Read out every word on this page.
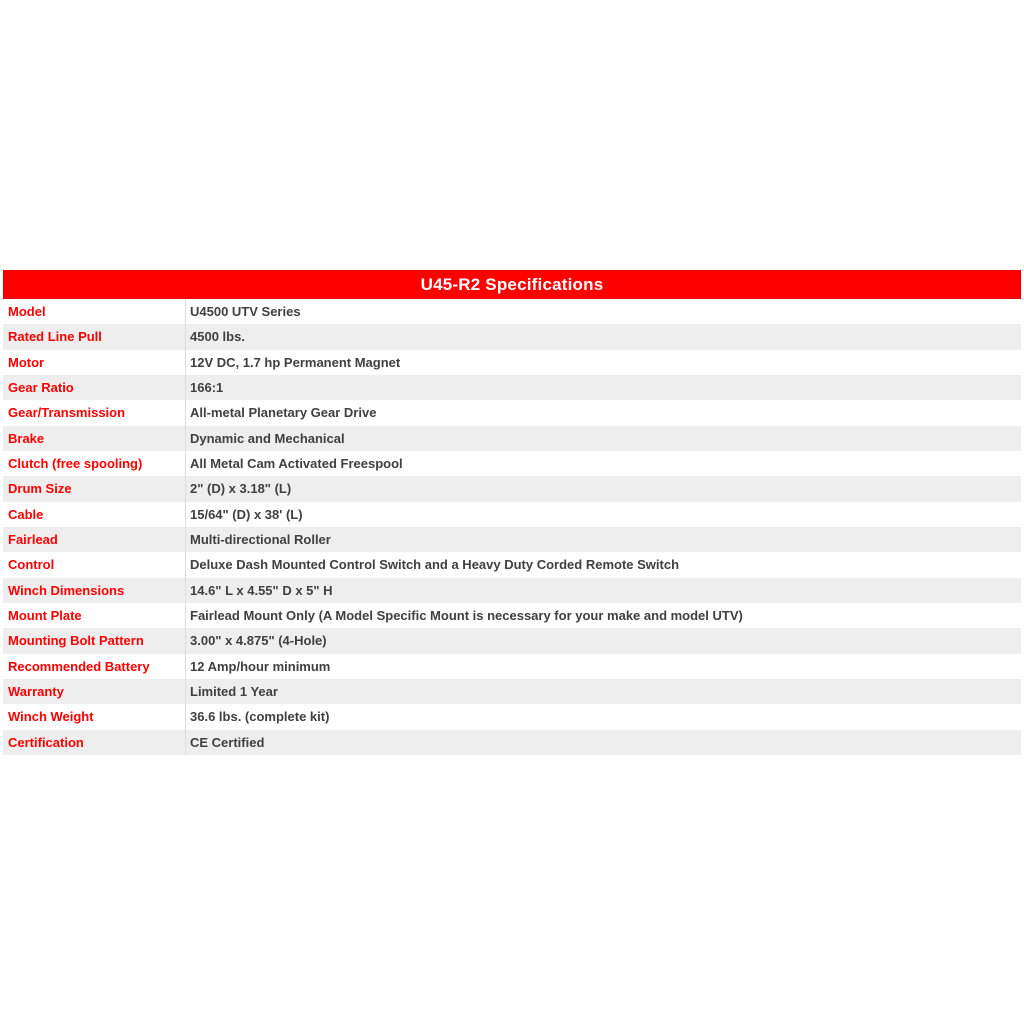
U45-R2 Specifications
Model	U4500 UTV Series
Rated Line Pull	4500 lbs.
Motor	12V DC, 1.7 hp Permanent Magnet
Gear Ratio	166:1
Gear/Transmission	All-metal Planetary Gear Drive
Brake	Dynamic and Mechanical
Clutch (free spooling)	All Metal Cam Activated Freespool
Drum Size	2" (D) x 3.18" (L)
Cable	15/64" (D) x 38' (L)
Fairlead	Multi-directional Roller
Control	Deluxe Dash Mounted Control Switch and a Heavy Duty Corded Remote Switch
Winch Dimensions	14.6" L x 4.55" D x 5" H
Mount Plate	Fairlead Mount Only (A Model Specific Mount is necessary for your make and model UTV)
Mounting Bolt Pattern	3.00" x 4.875" (4-Hole)
Recommended Battery	12 Amp/hour minimum
Warranty	Limited 1 Year
Winch Weight	36.6 lbs. (complete kit)
Certification	CE Certified
